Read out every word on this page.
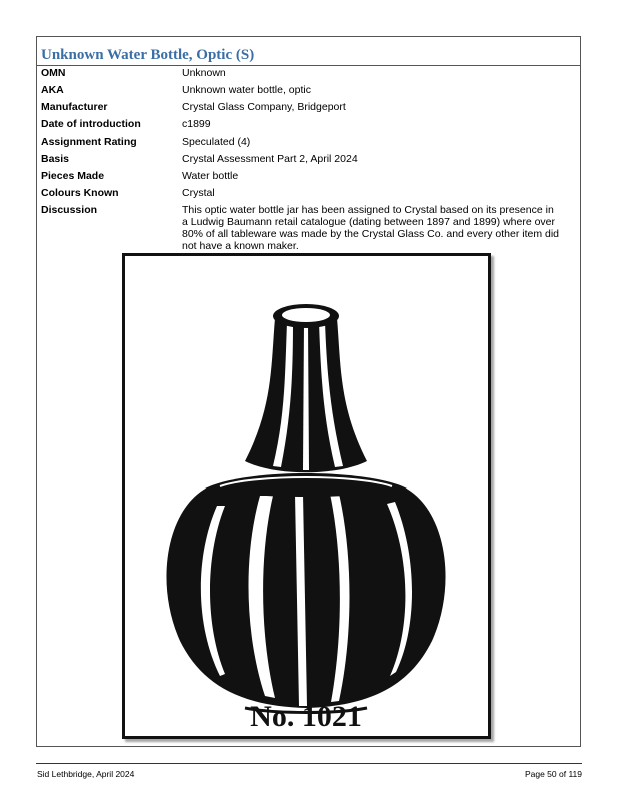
Unknown Water Bottle, Optic (S)
OMN	Unknown
AKA	Unknown water bottle, optic
Manufacturer	Crystal Glass Company, Bridgeport
Date of introduction	c1899
Assignment Rating	Speculated (4)
Basis	Crystal Assessment Part 2, April 2024
Pieces Made	Water bottle
Colours Known	Crystal
Discussion	This optic water bottle jar has been assigned to Crystal based on its presence in a Ludwig Baumann retail catalogue (dating between 1897 and 1899) where over 80% of all tableware was made by the Crystal Glass Co. and every other item did not have a known maker.
No. 1021
Sid Lethbridge, April 2024	Page 50 of 119
